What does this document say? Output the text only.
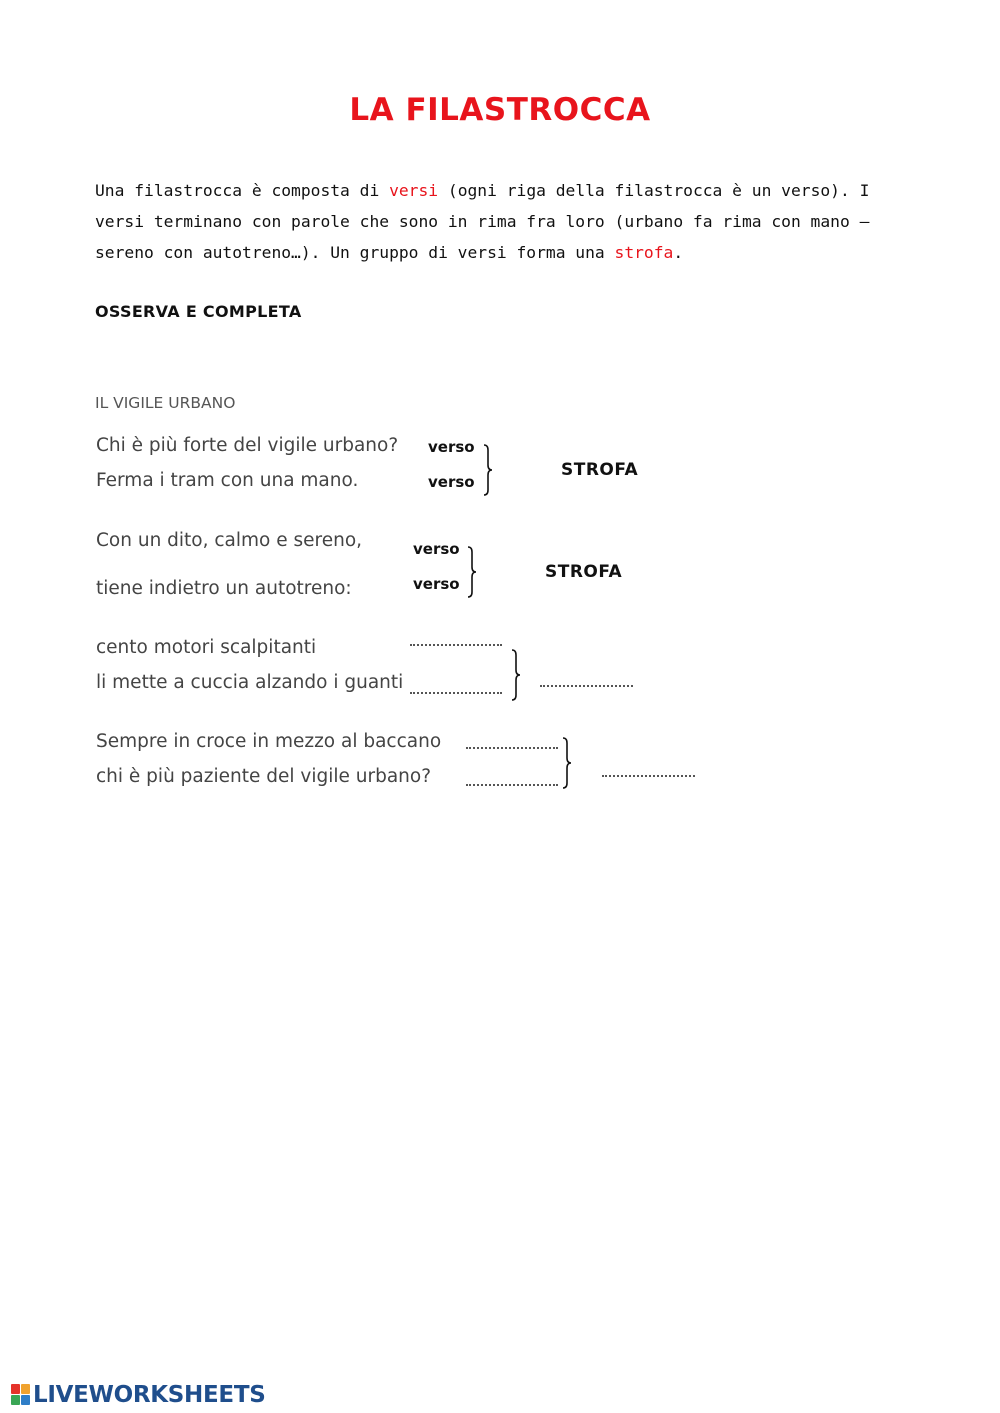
LA FILASTROCCA
Una filastrocca è composta di versi (ogni riga della filastrocca è un verso). I versi terminano con parole che sono in rima fra loro (urbano fa rima con mano – sereno con autotreno…). Un gruppo di versi forma una strofa.
OSSERVA E COMPLETA
IL VIGILE URBANO
Chi è più forte del vigile urbano?
Ferma i tram con una mano.
verso
verso
STROFA
Con un dito, calmo e sereno,
tiene indietro un autotreno:
verso
verso
STROFA
cento motori scalpitanti
li mette a cuccia alzando i guanti
Sempre in croce in mezzo al baccano
chi è più paziente del vigile urbano?
LIVEWORKSHEETS
